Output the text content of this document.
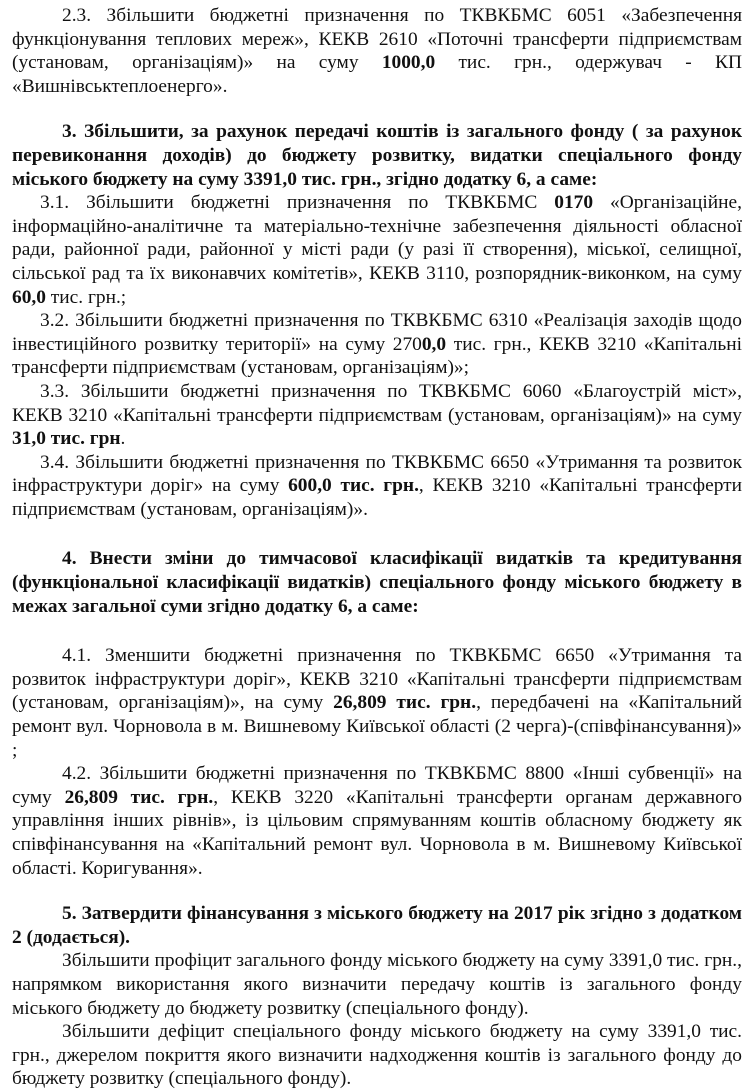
2.3. Збільшити бюджетні призначення по ТКВКБМС 6051 «Забезпечення функціонування теплових мереж», КЕКВ 2610 «Поточні трансферти підприємствам (установам, організаціям)» на суму 1000,0 тис. грн., одержувач - КП «Вишнівськтеплоенерго».

3. Збільшити, за рахунок передачі коштів із загального фонду ( за рахунок перевиконання доходів) до бюджету розвитку, видатки спеціального фонду міського бюджету на суму 3391,0 тис. грн., згідно додатку 6, а саме:

3.1. Збільшити бюджетні призначення по ТКВКБМС 0170 «Організаційне, інформаційно-аналітичне та матеріально-технічне забезпечення діяльності обласної ради, районної ради, районної у місті ради (у разі її створення), міської, селищної, сільської рад та їх виконавчих комітетів», КЕКВ 3110, розпорядник-виконком, на суму 60,0 тис. грн.;

3.2. Збільшити бюджетні призначення по ТКВКБМС 6310 «Реалізація заходів щодо інвестиційного розвитку території» на суму 2700,0 тис. грн., КЕКВ 3210 «Капітальні трансферти підприємствам (установам, організаціям)»;

3.3. Збільшити бюджетні призначення по ТКВКБМС 6060 «Благоустрій міст», КЕКВ 3210 «Капітальні трансферти підприємствам (установам, організаціям)» на суму 31,0 тис. грн.

3.4. Збільшити бюджетні призначення по ТКВКБМС 6650 «Утримання та розвиток інфраструктури доріг» на суму 600,0 тис. грн., КЕКВ 3210 «Капітальні трансферти підприємствам (установам, організаціям)».

4. Внести зміни до тимчасової класифікації видатків та кредитування (функціональної класифікації видатків) спеціального фонду міського бюджету в межах загальної суми згідно додатку 6, а саме:

4.1. Зменшити бюджетні призначення по ТКВКБМС 6650 «Утримання та розвиток інфраструктури доріг», КЕКВ 3210 «Капітальні трансферти підприємствам (установам, організаціям)», на суму 26,809 тис. грн., передбачені на «Капітальний ремонт вул. Чорновола в м. Вишневому Київської області (2 черга)-(співфінансування)» ;

4.2. Збільшити бюджетні призначення по ТКВКБМС 8800 «Інші субвенції» на суму 26,809 тис. грн., КЕКВ 3220 «Капітальні трансферти органам державного управління інших рівнів», із цільовим спрямуванням коштів обласному бюджету як співфінансування на «Капітальний ремонт вул. Чорновола в м. Вишневому Київської області. Коригування».

5. Затвердити фінансування з міського бюджету на 2017 рік згідно з додатком 2 (додається).

Збільшити профіцит загального фонду міського бюджету на суму 3391,0 тис. грн., напрямком використання якого визначити передачу коштів із загального фонду міського бюджету до бюджету розвитку (спеціального фонду).

Збільшити дефіцит спеціального фонду міського бюджету на суму 3391,0 тис. грн., джерелом покриття якого визначити надходження коштів із загального фонду до бюджету розвитку (спеціального фонду).
